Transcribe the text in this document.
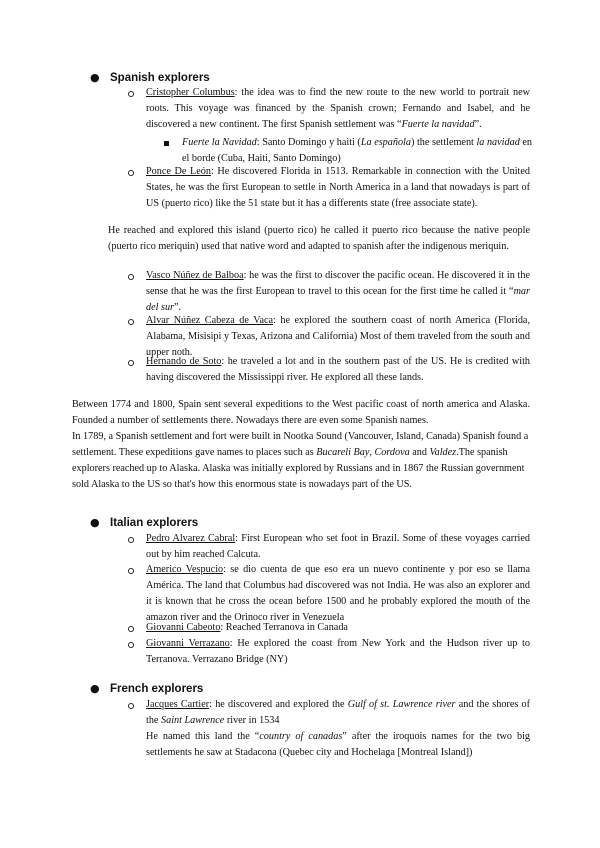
● Spanish explorers
Cristopher Columbus: the idea was to find the new route to the new world to portrait new roots. This voyage was financed by the Spanish crown; Fernando and Isabel, and he discovered a new continent. The first Spanish settlement was “Fuerte la navidad”.
Fuerte la Navidad: Santo Domingo y haiti (La española) the settlement la navidad en el borde (Cuba, Haiti, Santo Domingo)
Ponce De León: He discovered Florida in 1513. Remarkable in connection with the United States, he was the first European to settle in North America in a land that nowadays is part of US (puerto rico) like the 51 state but it has a differents state (free associate state).
He reached and explored this island (puerto rico) he called it puerto rico because the native people (puerto rico meriquin) used that native word and adapted to spanish after the indigenous meriquin.
Vasco Núñez de Balboa: he was the first to discover the pacific ocean. He discovered it in the sense that he was the first European to travel to this ocean for the first time he called it “mar del sur”.
Alvar Núñez Cabeza de Vaca: he explored the southern coast of north America (Florida, Alabama, Misisipi y Texas, Arizona and California) Most of them traveled from the south and upper noth.
Hernando de Soto: he traveled a lot and in the southern past of the US. He is credited with having discovered the Mississippi river. He explored all these lands.
Between 1774 and 1800, Spain sent several expeditions to the West pacific coast of north america and Alaska. Founded a number of settlements there. Nowadays there are even some Spanish names.
In 1789, a Spanish settlement and fort were built in Nootka Sound (Vancouver, Island, Canada) Spanish found a settlement. These expeditions gave names to places such as Bucareli Bay, Cordova and Valdez.The spanish explorers reached up to Alaska. Alaska was initially explored by Russians and in 1867 the Russian government sold Alaska to the US so that's how this enormous state is nowadays part of the US.
● Italian explorers
Pedro Alvarez Cabral: First European who set foot in Brazil. Some of these voyages carried out by him reached Calcuta.
Americo Vespucio: se dio cuenta de que eso era un nuevo continente y por eso se llama América. The land that Columbus had discovered was not India. He was also an explorer and it is known that he cross the ocean before 1500 and he probably explored the mouth of the amazon river and the Orinoco river in Venezuela
Giovanni Cabeoto: Reached Terranova in Canada
Giovanni Verrazano: He explored the coast from New York and the Hudson river up to Terranova. Verrazano Bridge (NY)
● French explorers
Jacques Cartier: he discovered and explored the Gulf of st. Lawrence river and the shores of the Saint Lawrence river in 1534
He named this land the “country of canadas” after the iroquois names for the two big settlements he saw at Stadacona (Quebec city and Hochelaga [Montreal Island])
